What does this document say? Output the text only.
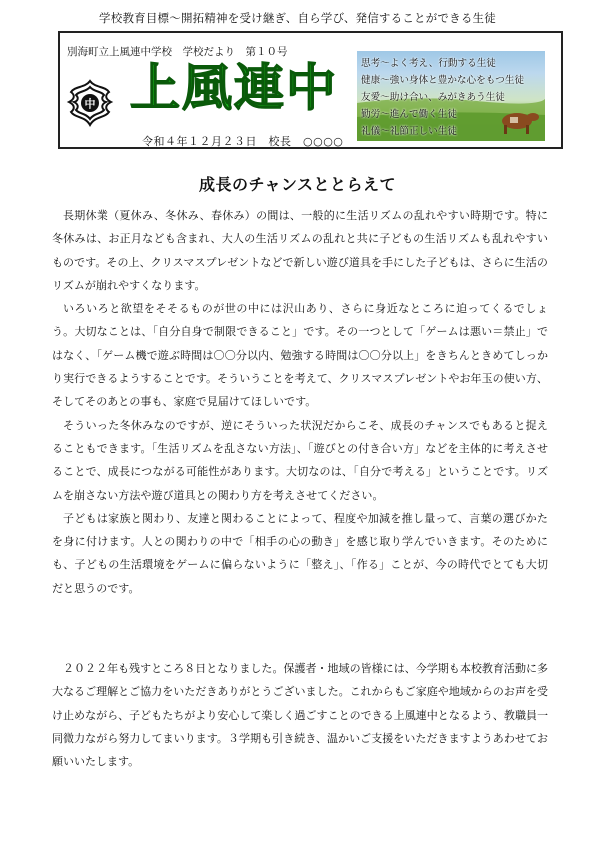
学校教育目標〜開拓精神を受け継ぎ、自ら学び、発信することができる生徒
別海町立上風連中学校　学校だより　第１０号
中 上風連中
令和４年１２月２３日　校長　○○○○
思考〜よく考え、行動する生徒
健康〜強い身体と豊かな心をもつ生徒
友愛〜助け合い、みがきあう生徒
勤労〜進んで働く生徒
礼儀〜礼節正しい生徒
成長のチャンスととらえて

長期休業（夏休み、冬休み、春休み）の間は、一般的に生活リズムの乱れやすい時期です。特に冬休みは、お正月なども含まれ、大人の生活リズムの乱れと共に子どもの生活リズムも乱れやすいものです。その上、クリスマスプレゼントなどで新しい遊び道具を手にした子どもは、さらに生活のリズムが崩れやすくなります。

いろいろと欲望をそそるものが世の中には沢山あり、さらに身近なところに迫ってくるでしょう。大切なことは、「自分自身で制限できること」です。その一つとして「ゲームは悪い＝禁止」ではなく、「ゲーム機で遊ぶ時間は〇〇分以内、勉強する時間は〇〇分以上」をきちんときめてしっかり実行できるようすることです。そういうことを考えて、クリスマスプレゼントやお年玉の使い方、そしてそのあとの事も、家庭で見届けてほしいです。

そういった冬休みなのですが、逆にそういった状況だからこそ、成長のチャンスでもあると捉えることもできます。「生活リズムを乱さない方法」、「遊びとの付き合い方」などを主体的に考えさせることで、成長につながる可能性があります。大切なのは、「自分で考える」ということです。リズムを崩さない方法や遊び道具との関わり方を考えさせてください。

子どもは家族と関わり、友達と関わることによって、程度や加減を推し量って、言葉の選びかたを身に付けます。人との関わりの中で「相手の心の動き」を感じ取り学んでいきます。そのためにも、子どもの生活環境をゲームに偏らないように「整え」、「作る」ことが、今の時代でとても大切だと思うのです。

２０２２年も残すところ８日となりました。保護者・地域の皆様には、今学期も本校教育活動に多大なるご理解とご協力をいただきありがとうございました。これからもご家庭や地域からのお声を受け止めながら、子どもたちがより安心して楽しく過ごすことのできる上風連中となるよう、教職員一同微力ながら努力してまいります。３学期も引き続き、温かいご支援をいただきますようあわせてお願いいたします。
